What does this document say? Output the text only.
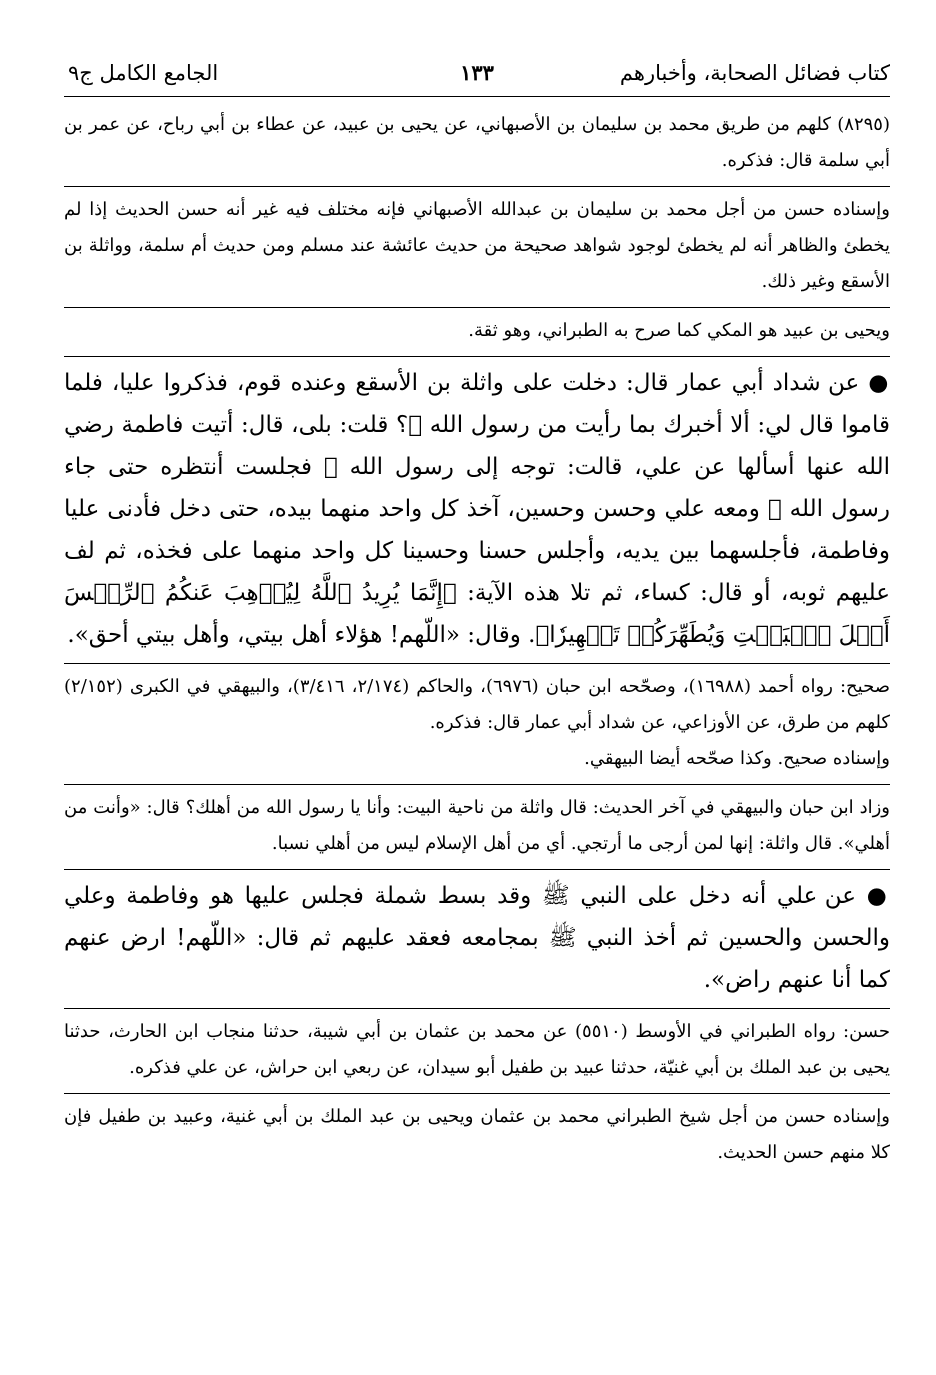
كتاب فضائل الصحابة، وأخبارهم
١٣٣
الجامع الكامل ج٩

(٨٢٩٥) كلهم من طريق محمد بن سليمان بن الأصبهاني، عن يحيى بن عبيد، عن عطاء بن أبي رباح، عن عمر بن أبي سلمة قال: فذكره.

وإسناده حسن من أجل محمد بن سليمان بن عبدالله الأصبهاني فإنه مختلف فيه غير أنه حسن الحديث إذا لم يخطئ والظاهر أنه لم يخطئ لوجود شواهد صحيحة من حديث عائشة عند مسلم ومن حديث أم سلمة، وواثلة بن الأسقع وغير ذلك.

ويحيى بن عبيد هو المكي كما صرح به الطبراني، وهو ثقة.

● عن شداد أبي عمار قال: دخلت على واثلة بن الأسقع وعنده قوم، فذكروا عليا، فلما قاموا قال لي: ألا أخبرك بما رأيت من رسول الله ﷺ؟ قلت: بلى، قال: أتيت فاطمة رضي الله عنها أسألها عن علي، قالت: توجه إلى رسول الله ﷺ فجلست أنتظره حتى جاء رسول الله ﷺ ومعه علي وحسن وحسين، آخذ كل واحد منهما بيده، حتى دخل فأدنى عليا وفاطمة، فأجلسهما بين يديه، وأجلس حسنا وحسينا كل واحد منهما على فخذه، ثم لف عليهم ثوبه، أو قال: كساء، ثم تلا هذه الآية: ﴿إِنَّمَا يُرِيدُ ٱللَّهُ لِيُذۡهِبَ عَنكُمُ ٱلرِّجۡسَ أَهۡلَ ٱلۡبَيۡتِ وَيُطَهِّرَكُمۡ تَطۡهِيرٗا﴾. وقال: «اللّهم! هؤلاء أهل بيتي، وأهل بيتي أحق».

صحيح: رواه أحمد (١٦٩٨٨)، وصحّحه ابن حبان (٦٩٧٦)، والحاكم (٢/١٧٤، ٣/٤١٦)، والبيهقي في الكبرى (٢/١٥٢) كلهم من طرق، عن الأوزاعي، عن شداد أبي عمار قال: فذكره.

وإسناده صحيح. وكذا صحّحه أيضا البيهقي.

وزاد ابن حبان والبيهقي في آخر الحديث: قال واثلة من ناحية البيت: وأنا يا رسول الله من أهلك؟ قال: «وأنت من أهلي». قال واثلة: إنها لمن أرجى ما أرتجي. أي من أهل الإسلام ليس من أهلي نسبا.

● عن علي أنه دخل على النبي ﷺ وقد بسط شملة فجلس عليها هو وفاطمة وعلي والحسن والحسين ثم أخذ النبي ﷺ بمجامعه فعقد عليهم ثم قال: «اللّهم! ارض عنهم كما أنا عنهم راض».

حسن: رواه الطبراني في الأوسط (٥٥١٠) عن محمد بن عثمان بن أبي شيبة، حدثنا منجاب ابن الحارث، حدثنا يحيى بن عبد الملك بن أبي غنيّة، حدثنا عبيد بن طفيل أبو سيدان، عن ربعي ابن حراش، عن علي فذكره.

وإسناده حسن من أجل شيخ الطبراني محمد بن عثمان ويحيى بن عبد الملك بن أبي غنية، وعبيد بن طفيل فإن كلا منهم حسن الحديث.
